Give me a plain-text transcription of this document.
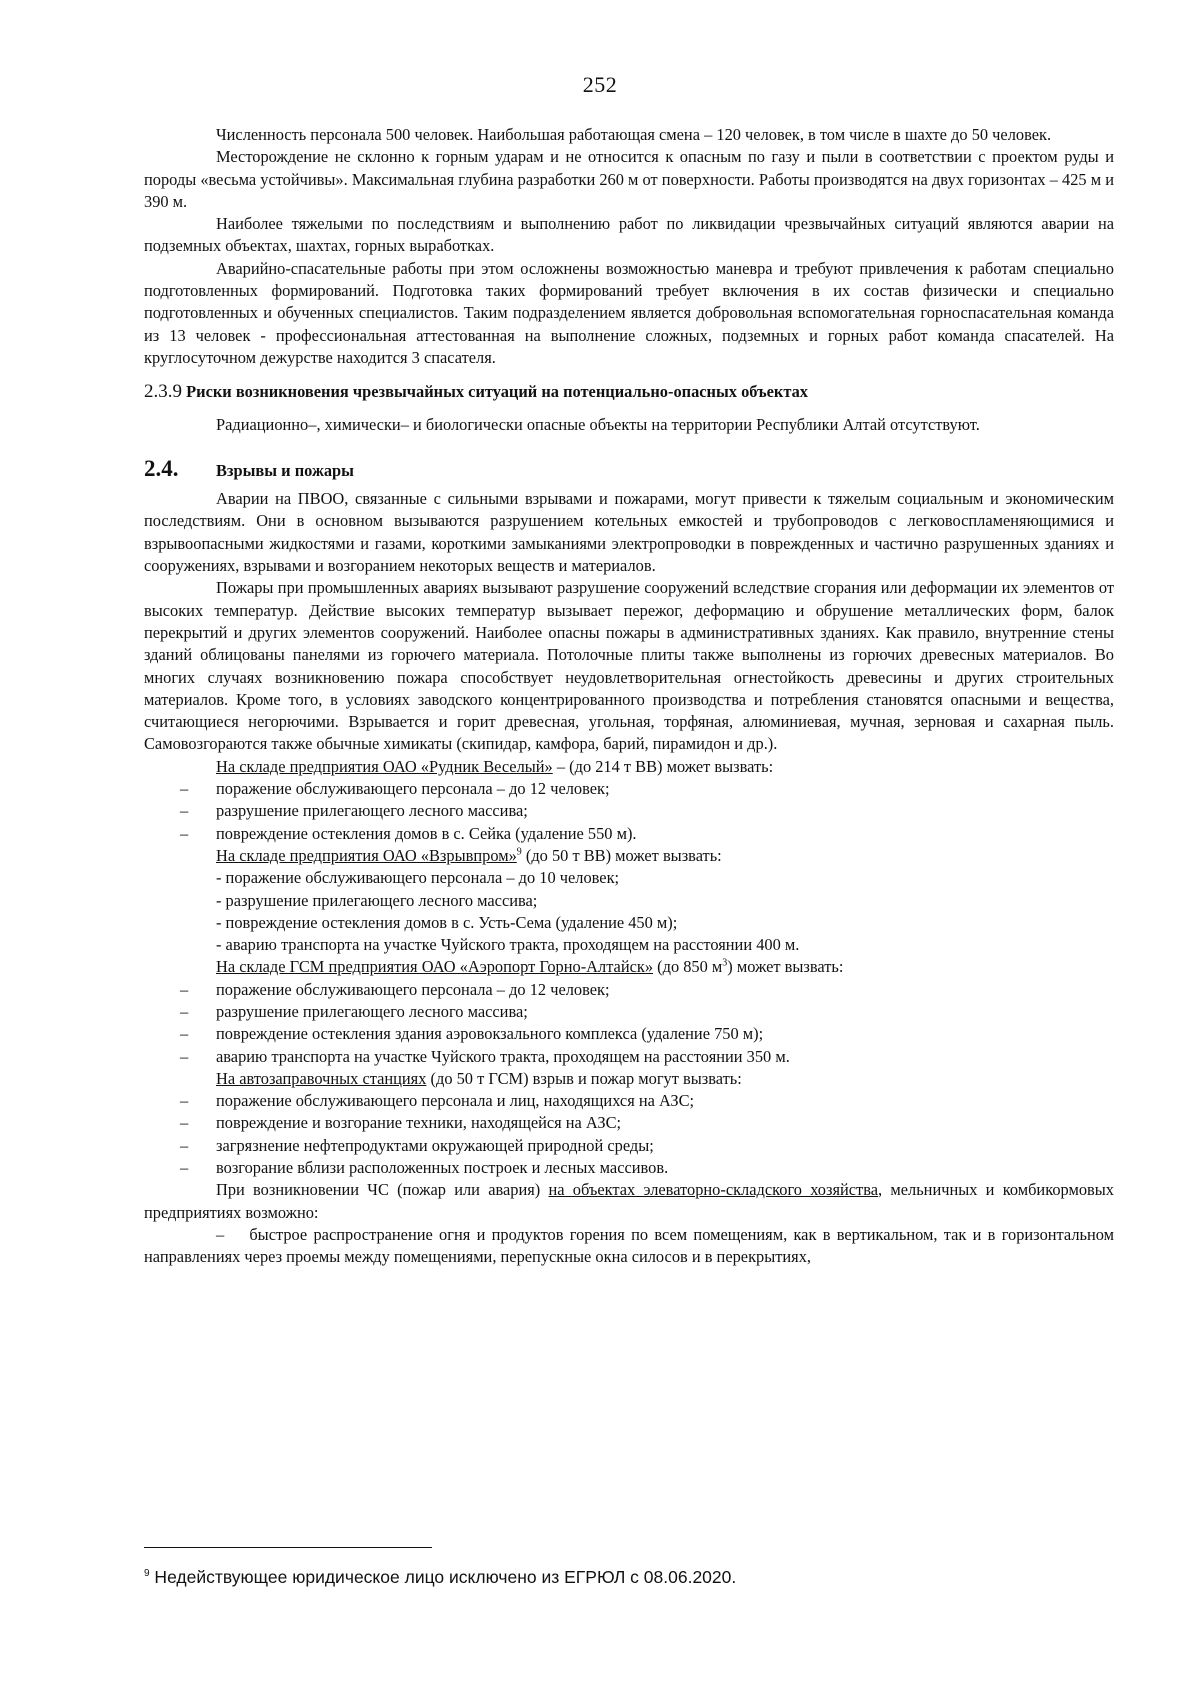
252

Численность персонала 500 человек. Наибольшая работающая смена – 120 человек, в том числе в шахте до 50 человек.

Месторождение не склонно к горным ударам и не относится к опасным по газу и пыли в соответствии с проектом руды и породы «весьма устойчивы». Максимальная глубина разработки 260 м от поверхности. Работы производятся на двух горизонтах – 425 м и 390 м.

Наиболее тяжелыми по последствиям и выполнению работ по ликвидации чрезвычайных ситуаций являются аварии на подземных объектах, шахтах, горных выработках.

Аварийно-спасательные работы при этом осложнены возможностью маневра и требуют привлечения к работам специально подготовленных формирований. Подготовка таких формирований требует включения в их состав физически и специально подготовленных и обученных специалистов. Таким подразделением является добровольная вспомогательная горноспасательная команда из 13 человек - профессиональная аттестованная на выполнение сложных, подземных и горных работ команда спасателей. На круглосуточном дежурстве находится 3 спасателя.

2.3.9 Риски возникновения чрезвычайных ситуаций на потенциально-опасных объектах

Радиационно–, химически– и биологически опасные объекты на территории Республики Алтай отсутствуют.

2.4.	Взрывы и пожары

Аварии на ПВОО, связанные с сильными взрывами и пожарами, могут привести к тяжелым социальным и экономическим последствиям. Они в основном вызываются разрушением котельных емкостей и трубопроводов с легковоспламеняющимися и взрывоопасными жидкостями и газами, короткими замыканиями электропроводки в поврежденных и частично разрушенных зданиях и сооружениях, взрывами и возгоранием некоторых веществ и материалов.

Пожары при промышленных авариях вызывают разрушение сооружений вследствие сгорания или деформации их элементов от высоких температур. Действие высоких температур вызывает пережог, деформацию и обрушение металлических форм, балок перекрытий и других элементов сооружений. Наиболее опасны пожары в административных зданиях. Как правило, внутренние стены зданий облицованы панелями из горючего материала. Потолочные плиты также выполнены из горючих древесных материалов. Во многих случаях возникновению пожара способствует неудовлетворительная огнестойкость древесины и других строительных материалов. Кроме того, в условиях заводского концентрированного производства и потребления становятся опасными и вещества, считающиеся негорючими. Взрывается и горит древесная, угольная, торфяная, алюминиевая, мучная, зерновая и сахарная пыль. Самовозгораются также обычные химикаты (скипидар, камфора, барий, пирамидон и др.).

На складе предприятия ОАО «Рудник Веселый» – (до 214 т ВВ) может вызвать:

– поражение обслуживающего персонала – до 12 человек;
– разрушение прилегающего лесного массива;
– повреждение остекления домов в с. Сейка (удаление 550 м).

На складе предприятия ОАО «Взрывпром»$^9$ (до 50 т ВВ) может вызвать:

- поражение обслуживающего персонала – до 10 человек;
- разрушение прилегающего лесного массива;
- повреждение остекления домов в с. Усть-Сема (удаление 450 м);
- аварию транспорта на участке Чуйского тракта, проходящем на расстоянии 400 м.

На складе ГСМ предприятия ОАО «Аэропорт Горно-Алтайск» (до 850 $м^3$) может вызвать:

– поражение обслуживающего персонала – до 12 человек;
– разрушение прилегающего лесного массива;
– повреждение остекления здания аэровокзального комплекса (удаление 750 м);
– аварию транспорта на участке Чуйского тракта, проходящем на расстоянии 350 м.

На автозаправочных станциях (до 50 т ГСМ) взрыв и пожар могут вызвать:

– поражение обслуживающего персонала и лиц, находящихся на АЗС;
– повреждение и возгорание техники, находящейся на АЗС;
– загрязнение нефтепродуктами окружающей природной среды;
– возгорание вблизи расположенных построек и лесных массивов.

При возникновении ЧС (пожар или авария) на объектах элеваторно-складского хозяйства, мельничных и комбикормовых предприятиях возможно:

– быстрое распространение огня и продуктов горения по всем помещениям, как в вертикальном, так и в горизонтальном направлениях через проемы между помещениями, перепускные окна силосов и в перекрытиях,

$^9$ Недействующее юридическое лицо исключено из ЕГРЮЛ с 08.06.2020.
